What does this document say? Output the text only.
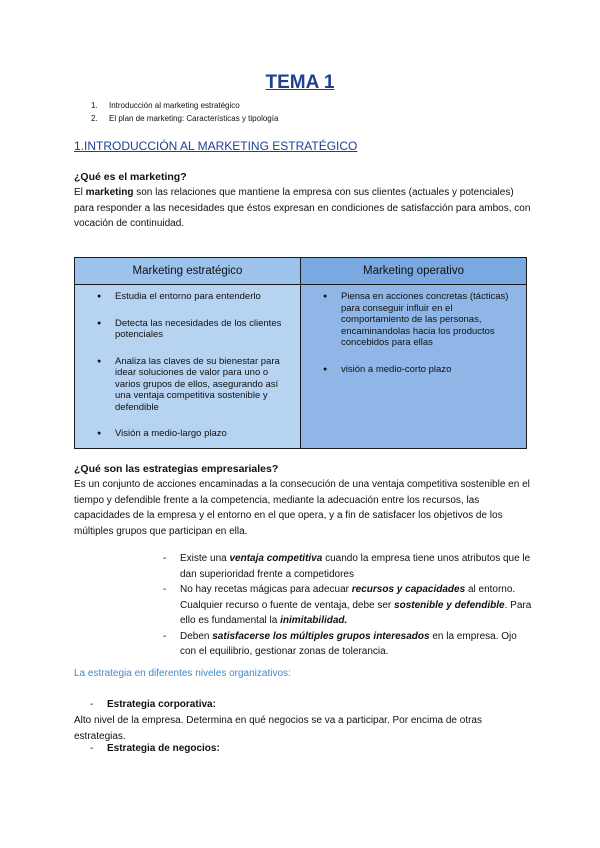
TEMA 1
1. Introducción al marketing estratégico
2. El plan de marketing: Características y tipología
1.INTRODUCCIÓN AL MARKETING ESTRATÉGICO
¿Qué es el marketing?
El marketing son las relaciones que mantiene la empresa con sus clientes (actuales y potenciales) para responder a las necesidades que éstos expresan en condiciones de satisfacción para ambos, con vocación de continuidad.
Marketing estratégico
● Estudia el entorno para entenderlo
● Detecta las necesidades de los clientes potenciales
● Analiza las claves de su bienestar para idear soluciones de valor para uno o varios grupos de ellos, asegurando así una ventaja competitiva sostenible y defendible
● Visión a medio-largo plazo
Marketing operativo
● Piensa en acciones concretas (tácticas) para conseguir influir en el comportamiento de las personas, encaminandolas hacia los productos concebidos para ellas
● visión a medio-corto plazo
¿Qué son las estrategias empresariales?
Es un conjunto de acciones encaminadas a la consecución de una ventaja competitiva sostenible en el tiempo y defendible frente a la competencia, mediante la adecuación entre los recursos, las capacidades de la empresa y el entorno en el que opera, y a fin de satisfacer los objetivos de los múltiples grupos que participan en ella.
- Existe una ventaja competitiva cuando la empresa tiene unos atributos que le dan superioridad frente a competidores
- No hay recetas mágicas para adecuar recursos y capacidades al entorno. Cualquier recurso o fuente de ventaja, debe ser sostenible y defendible. Para ello es fundamental la inimitabilidad.
- Deben satisfacerse los múltiples grupos interesados en la empresa. Ojo con el equilibrio, gestionar zonas de tolerancia.
La estrategia en diferentes niveles organizativos:
- Estrategia corporativa:
Alto nivel de la empresa. Determina en qué negocios se va a participar. Por encima de otras estrategias.
- Estrategia de negocios:
